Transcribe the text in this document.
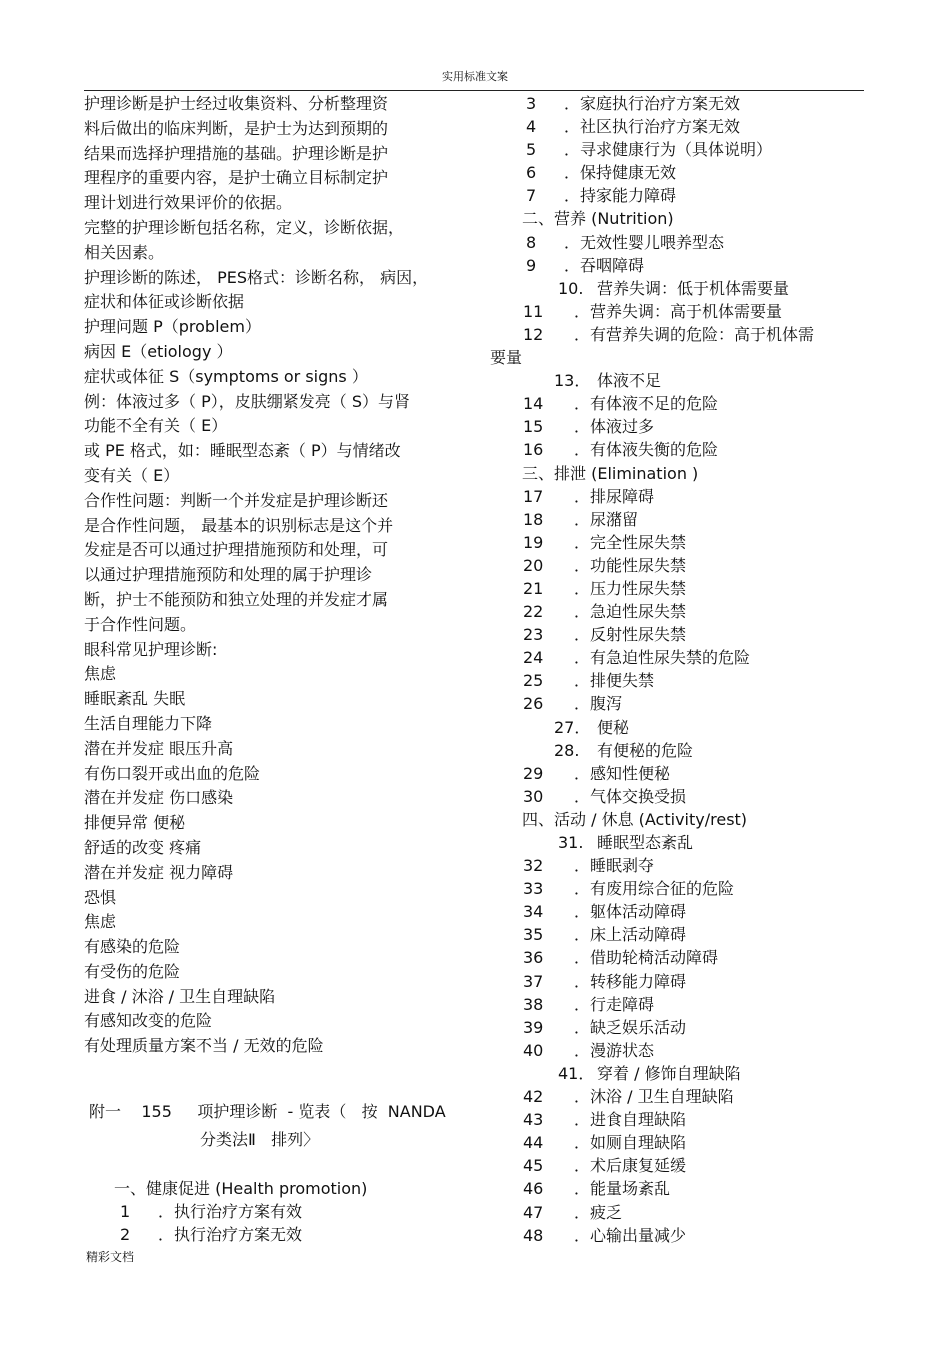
实用标准文案
护理诊断是护士经过收集资料、分析整理资
料后做出的临床判断，是护士为达到预期的
结果而选择护理措施的基础。护理诊断是护
理程序的重要内容，是护士确立目标制定护
理计划进行效果评价的依据。
完整的护理诊断包括名称，定义，诊断依据，
相关因素。
护理诊断的陈述， PES格式：诊断名称， 病因，
症状和体征或诊断依据
护理问题 P（problem）
病因 E（etiology ）
症状或体征 S（symptoms or signs ）
例：体液过多（ P），皮肤绷紧发亮（ S）与肾
功能不全有关（ E）
或 PE 格式，如：睡眠型态紊（ P）与情绪改
变有关（ E）
合作性问题：判断一个并发症是护理诊断还
是合作性问题， 最基本的识别标志是这个并
发症是否可以通过护理措施预防和处理，可
以通过护理措施预防和处理的属于护理诊
断，护士不能预防和独立处理的并发症才属
于合作性问题。
眼科常见护理诊断:
焦虑
睡眠紊乱 失眠
生活自理能力下降
潜在并发症 眼压升高
有伤口裂开或出血的危险
潜在并发症 伤口感染
排便异常 便秘
舒适的改变 疼痛
潜在并发症 视力障碍
恐惧
焦虑
有感染的危险
有受伤的危险
进食 / 沐浴 / 卫生自理缺陷
有感知改变的危险
有处理质量方案不当 / 无效的危险
附一    155     项护理诊断  - 览表（   按  NANDA
分类法Ⅱ   排列〉
一、健康促进 (Health promotion)
1 ．执行治疗方案有效
2 ．执行治疗方案无效
3 ．家庭执行治疗方案无效
4 ．社区执行治疗方案无效
5 ．寻求健康行为（具体说明）
6 ．保持健康无效
7 ．持家能力障碍
二、营养 (Nutrition)
8 ．无效性婴儿喂养型态
9 ．吞咽障碍
10. 营养失调：低于机体需要量
11 ．营养失调：高于机体需要量
12 ．有营养失调的危险：高于机体需
要量
13． 体液不足
14 ．有体液不足的危险
15 ．体液过多
16 ．有体液失衡的危险
三、排泄 (Elimination )
17 ．排尿障碍
18 ．尿潴留
19 ．完全性尿失禁
20 ．功能性尿失禁
21 ．压力性尿失禁
22 ．急迫性尿失禁
23 ．反射性尿失禁
24 ．有急迫性尿失禁的危险
25 ．排便失禁
26 ．腹泻
27． 便秘
28. 有便秘的危险
29 ．感知性便秘
30 ．气体交换受损
四、活动 / 休息 (Activity/rest)
31. 睡眠型态紊乱
32 ．睡眠剥夺
33 ．有废用综合征的危险
34 ．躯体活动障碍
35 ．床上活动障碍
36 ．借助轮椅活动障碍
37 ．转移能力障碍
38 ．行走障碍
39 ．缺乏娱乐活动
40 ．漫游状态
41． 穿着 / 修饰自理缺陷
42 ．沐浴 / 卫生自理缺陷
43 ．进食自理缺陷
44 ．如厕自理缺陷
45 ．术后康复延缓
46 ．能量场紊乱
47 ．疲乏
48 ．心输出量减少
精彩文档
